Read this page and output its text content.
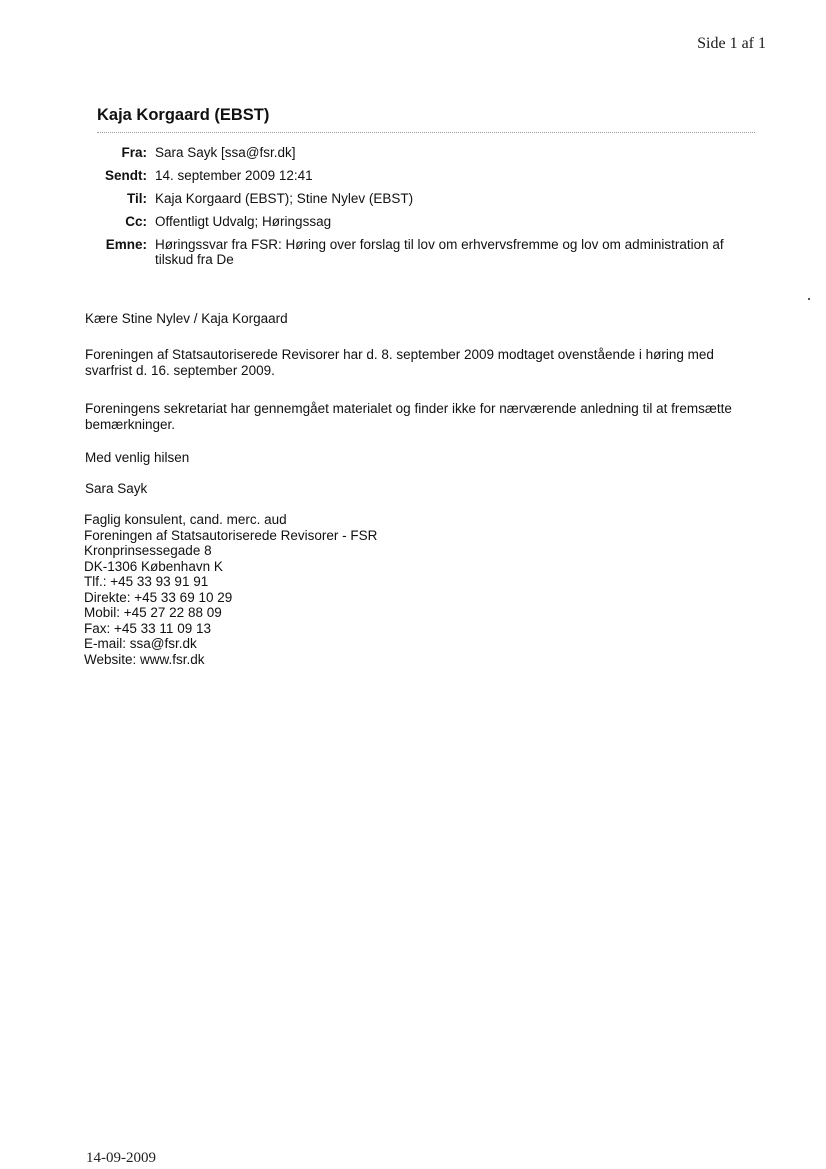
Side 1 af 1
Kaja Korgaard (EBST)
Fra:	Sara Sayk [ssa@fsr.dk]
Sendt:	14. september 2009 12:41
Til:	Kaja Korgaard (EBST); Stine Nylev (EBST)
Cc:	Offentligt Udvalg; Høringssag
Emne:	Høringssvar fra FSR: Høring over forslag til lov om erhvervsfremme og lov om administration af tilskud fra De
Kære Stine Nylev / Kaja Korgaard
Foreningen af Statsautoriserede Revisorer har d. 8. september 2009 modtaget ovenstående i høring med svarfrist d. 16. september 2009.
Foreningens sekretariat har gennemgået materialet og finder ikke for nærværende anledning til at fremsætte bemærkninger.
Med venlig hilsen
Sara Sayk
Faglig konsulent, cand. merc. aud
Foreningen af Statsautoriserede Revisorer - FSR
Kronprinsessegade 8
DK-1306 København K
Tlf.: +45 33 93 91 91
Direkte: +45 33 69 10 29
Mobil: +45 27 22 88 09
Fax: +45 33 11 09 13
E-mail: ssa@fsr.dk
Website: www.fsr.dk
14-09-2009
